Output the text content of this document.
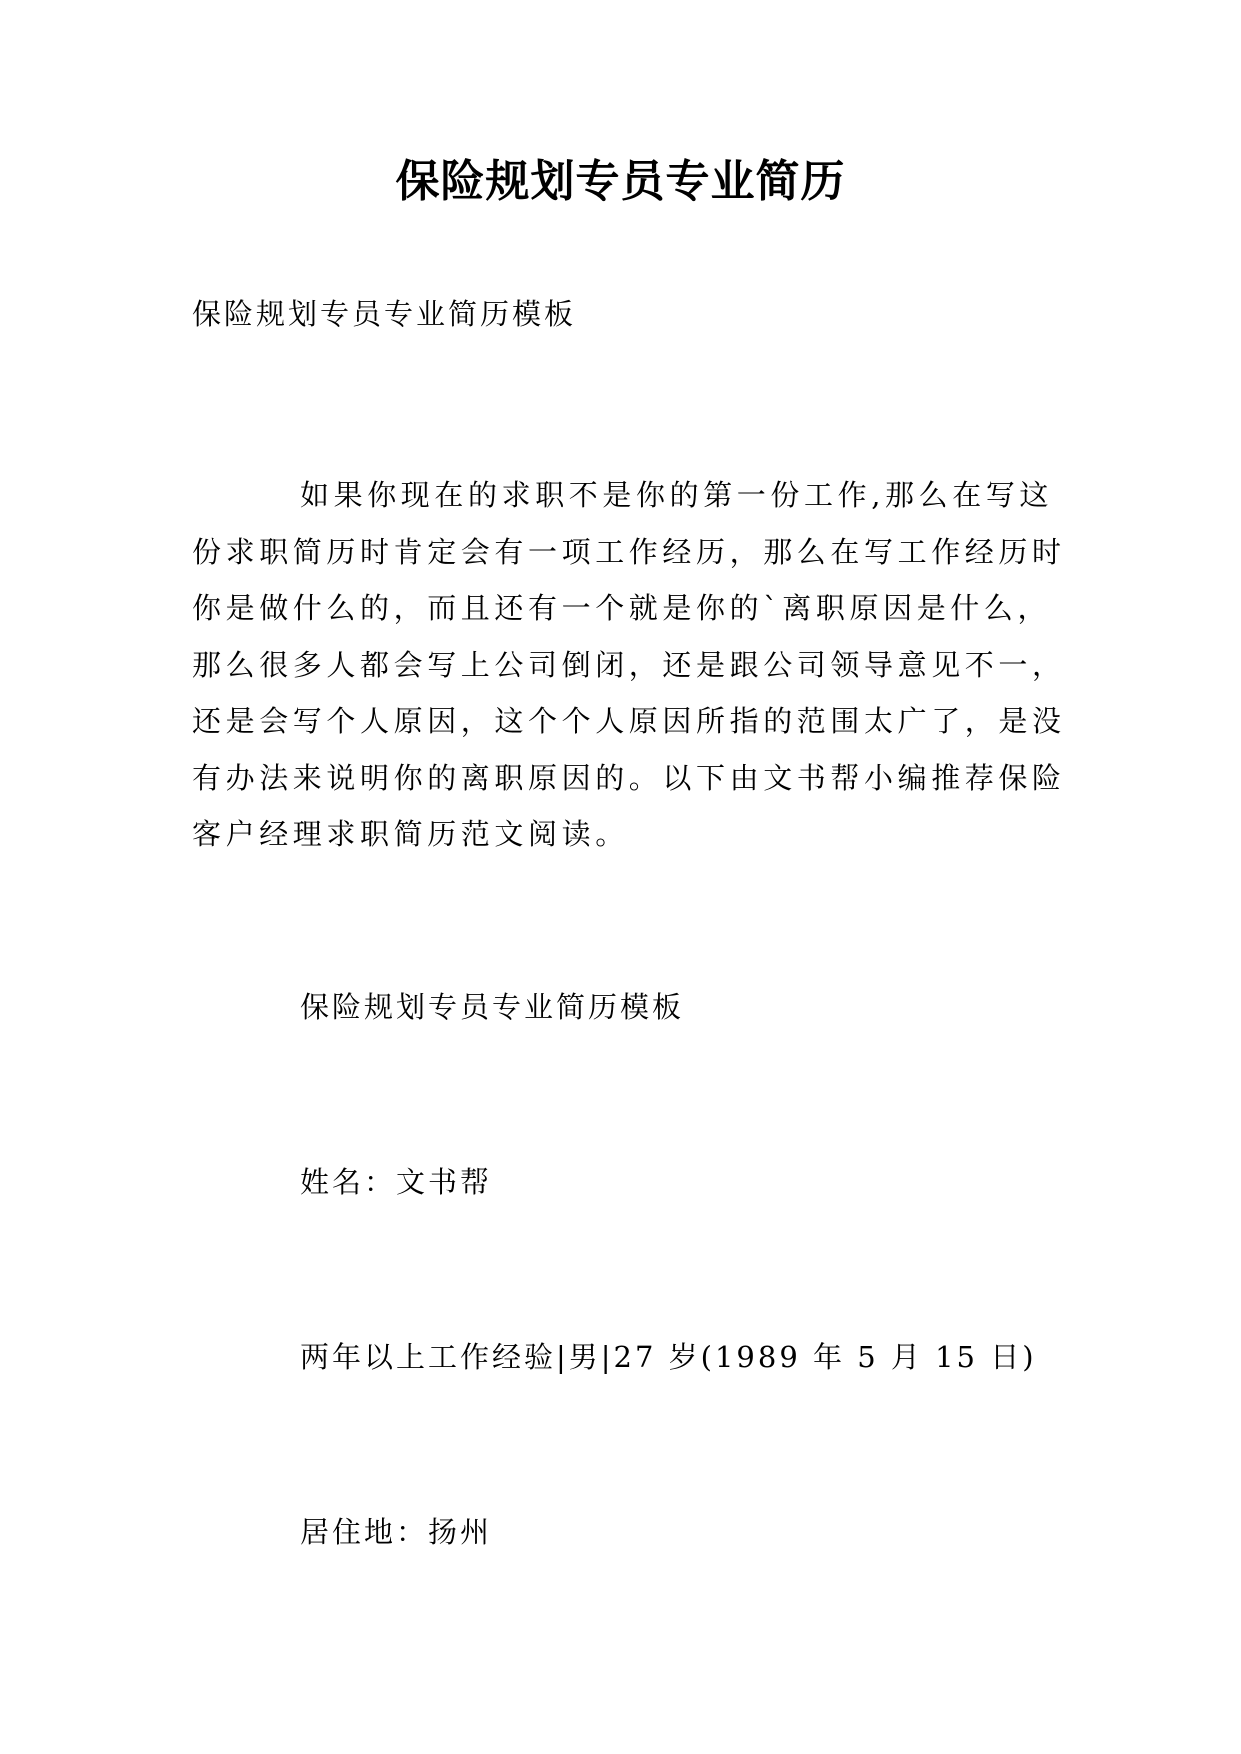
保险规划专员专业简历
保险规划专员专业简历模板
如果你现在的求职不是你的第一份工作,那么在写这
份求职简历时肯定会有一项工作经历，那么在写工作经历时
你是做什么的，而且还有一个就是你的`离职原因是什么，
那么很多人都会写上公司倒闭，还是跟公司领导意见不一，
还是会写个人原因，这个个人原因所指的范围太广了，是没
有办法来说明你的离职原因的。以下由文书帮小编推荐保险
客户经理求职简历范文阅读。
保险规划专员专业简历模板
姓名：文书帮
两年以上工作经验|男|27 岁(1989 年 5 月 15 日)
居住地：扬州
